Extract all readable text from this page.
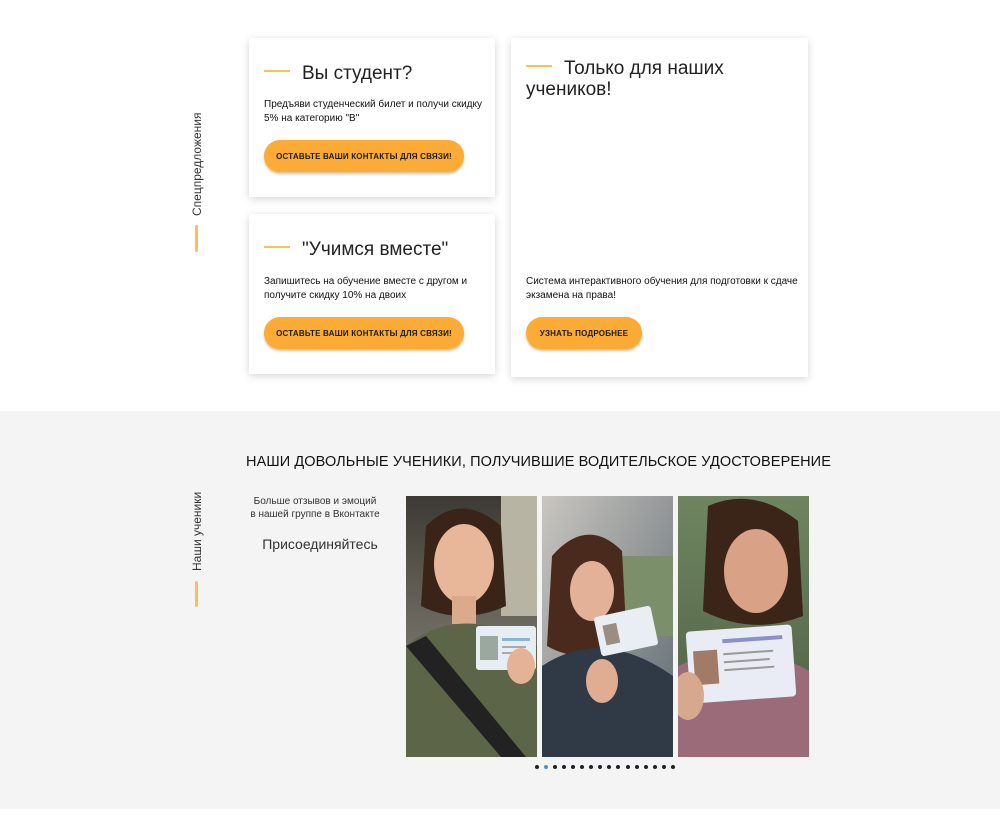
Спецпредложения
Вы студент?
Предъяви студенческий билет и получи скидку
5% на категорию "B"
ОСТАВЬТЕ ВАШИ КОНТАКТЫ ДЛЯ СВЯЗИ!
"Учимся вместе"
Запишитесь на обучение вместе с другом и
получите скидку 10% на двоих
ОСТАВЬТЕ ВАШИ КОНТАКТЫ ДЛЯ СВЯЗИ!
Только для наших
учеников!
Система интерактивного обучения для подготовки к сдаче
экзамена на права!
УЗНАТЬ ПОДРОБНЕЕ
Наши ученики
НАШИ ДОВОЛЬНЫЕ УЧЕНИКИ, ПОЛУЧИВШИЕ ВОДИТЕЛЬСКОЕ УДОСТОВЕРЕНИЕ
Больше отзывов и эмоций
в нашей группе в Вконтакте
Присоединяйтесь
